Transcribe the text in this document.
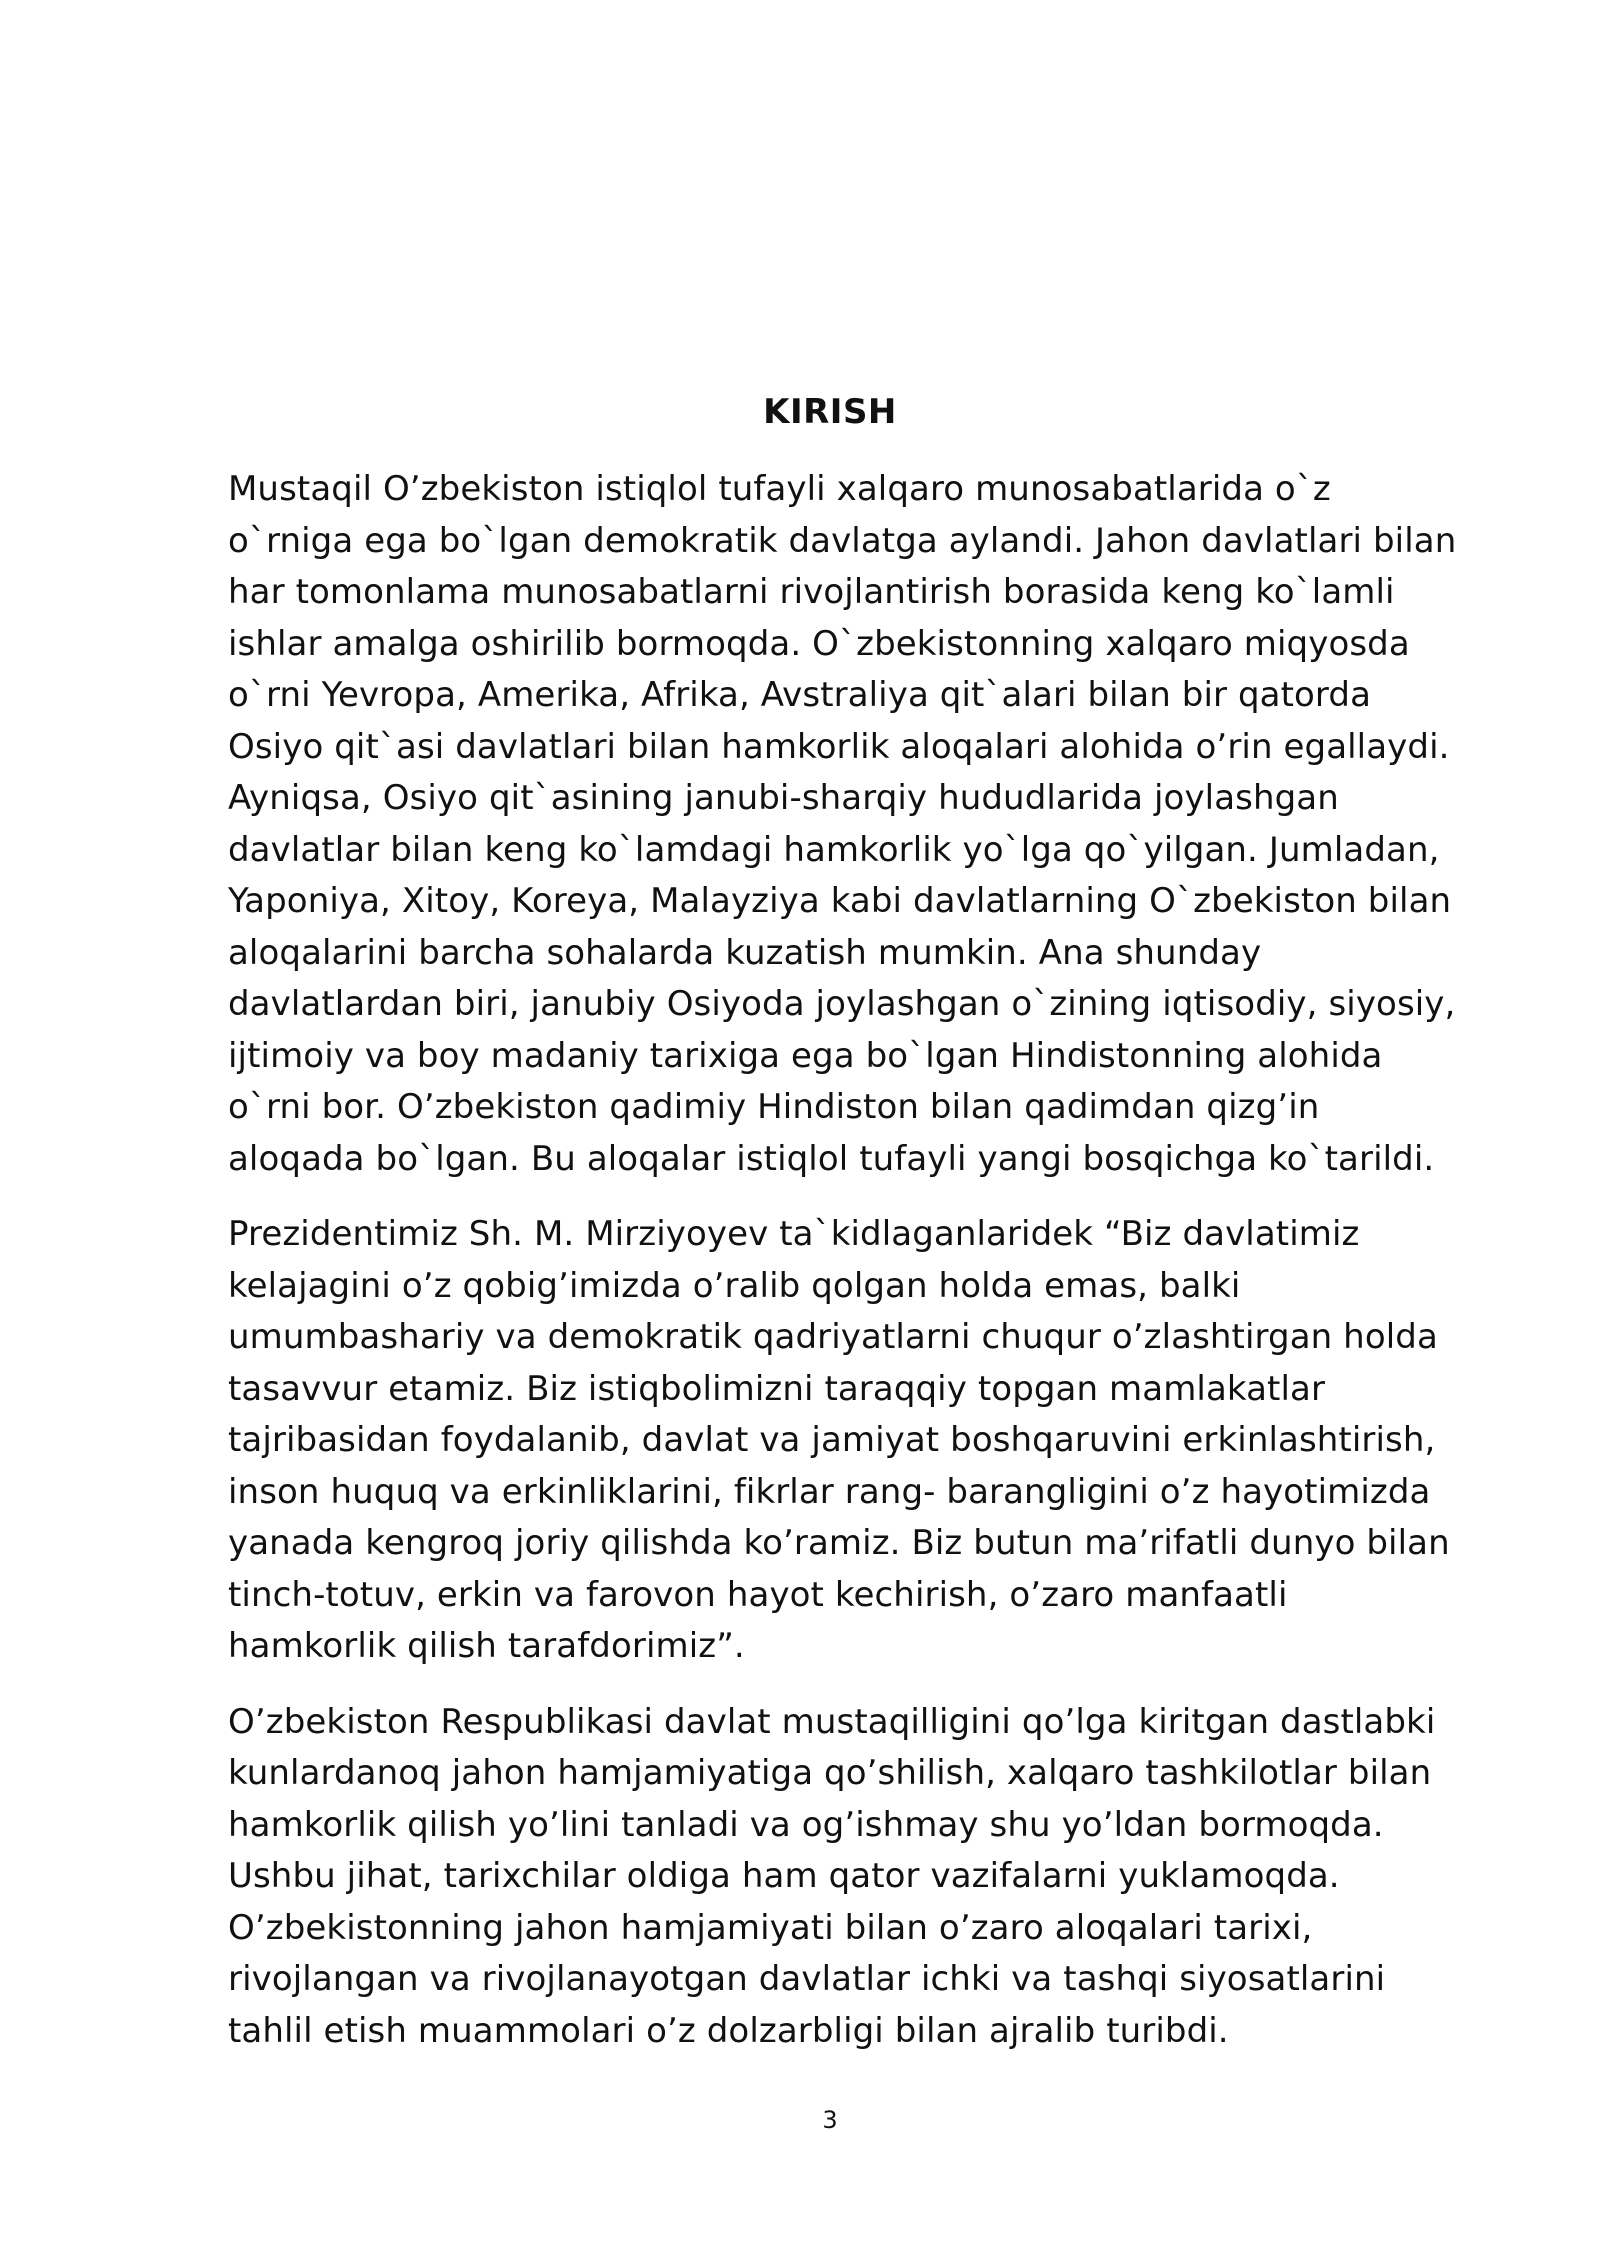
KIRISH

Mustaqil O’zbekiston istiqlol tufayli xalqaro munosabatlarida o`z
o`rniga ega bo`lgan demokratik davlatga aylandi. Jahon davlatlari bilan
har tomonlama munosabatlarni rivojlantirish borasida keng ko`lamli
ishlar amalga oshirilib bormoqda. O`zbekistonning xalqaro miqyosda
o`rni Yevropa, Amerika, Afrika, Avstraliya qit`alari bilan bir qatorda
Osiyo qit`asi davlatlari bilan hamkorlik aloqalari alohida o’rin egallaydi.
Ayniqsa, Osiyo qit`asining janubi-sharqiy hududlarida joylashgan
davlatlar bilan keng ko`lamdagi hamkorlik yo`lga qo`yilgan. Jumladan,
Yaponiya, Xitoy, Koreya, Malayziya kabi davlatlarning O`zbekiston bilan
aloqalarini barcha sohalarda kuzatish mumkin. Ana shunday
davlatlardan biri, janubiy Osiyoda joylashgan o`zining iqtisodiy, siyosiy,
ijtimoiy va boy madaniy tarixiga ega bo`lgan Hindistonning alohida
o`rni bor. O’zbekiston qadimiy Hindiston bilan qadimdan qizg’in
aloqada bo`lgan. Bu aloqalar istiqlol tufayli yangi bosqichga ko`tarildi.

Prezidentimiz Sh. M. Mirziyoyev ta`kidlaganlaridek “Biz davlatimiz
kelajagini o’z qobig’imizda o’ralib qolgan holda emas, balki
umumbashariy va demokratik qadriyatlarni chuqur o’zlashtirgan holda
tasavvur etamiz. Biz istiqbolimizni taraqqiy topgan mamlakatlar
tajribasidan foydalanib, davlat va jamiyat boshqaruvini erkinlashtirish,
inson huquq va erkinliklarini, fikrlar rang- barangligini o’z hayotimizda
yanada kengroq joriy qilishda ko’ramiz. Biz butun ma’rifatli dunyo bilan
tinch-totuv, erkin va farovon hayot kechirish, o’zaro manfaatli
hamkorlik qilish tarafdorimiz”.

O’zbekiston Respublikasi davlat mustaqilligini qo’lga kiritgan dastlabki
kunlardanoq jahon hamjamiyatiga qo’shilish, xalqaro tashkilotlar bilan
hamkorlik qilish yo’lini tanladi va og’ishmay shu yo’ldan bormoqda.
Ushbu jihat, tarixchilar oldiga ham qator vazifalarni yuklamoqda.
O’zbekistonning jahon hamjamiyati bilan o’zaro aloqalari tarixi,
rivojlangan va rivojlanayotgan davlatlar ichki va tashqi siyosatlarini
tahlil etish muammolari o’z dolzarbligi bilan ajralib turibdi.

3
